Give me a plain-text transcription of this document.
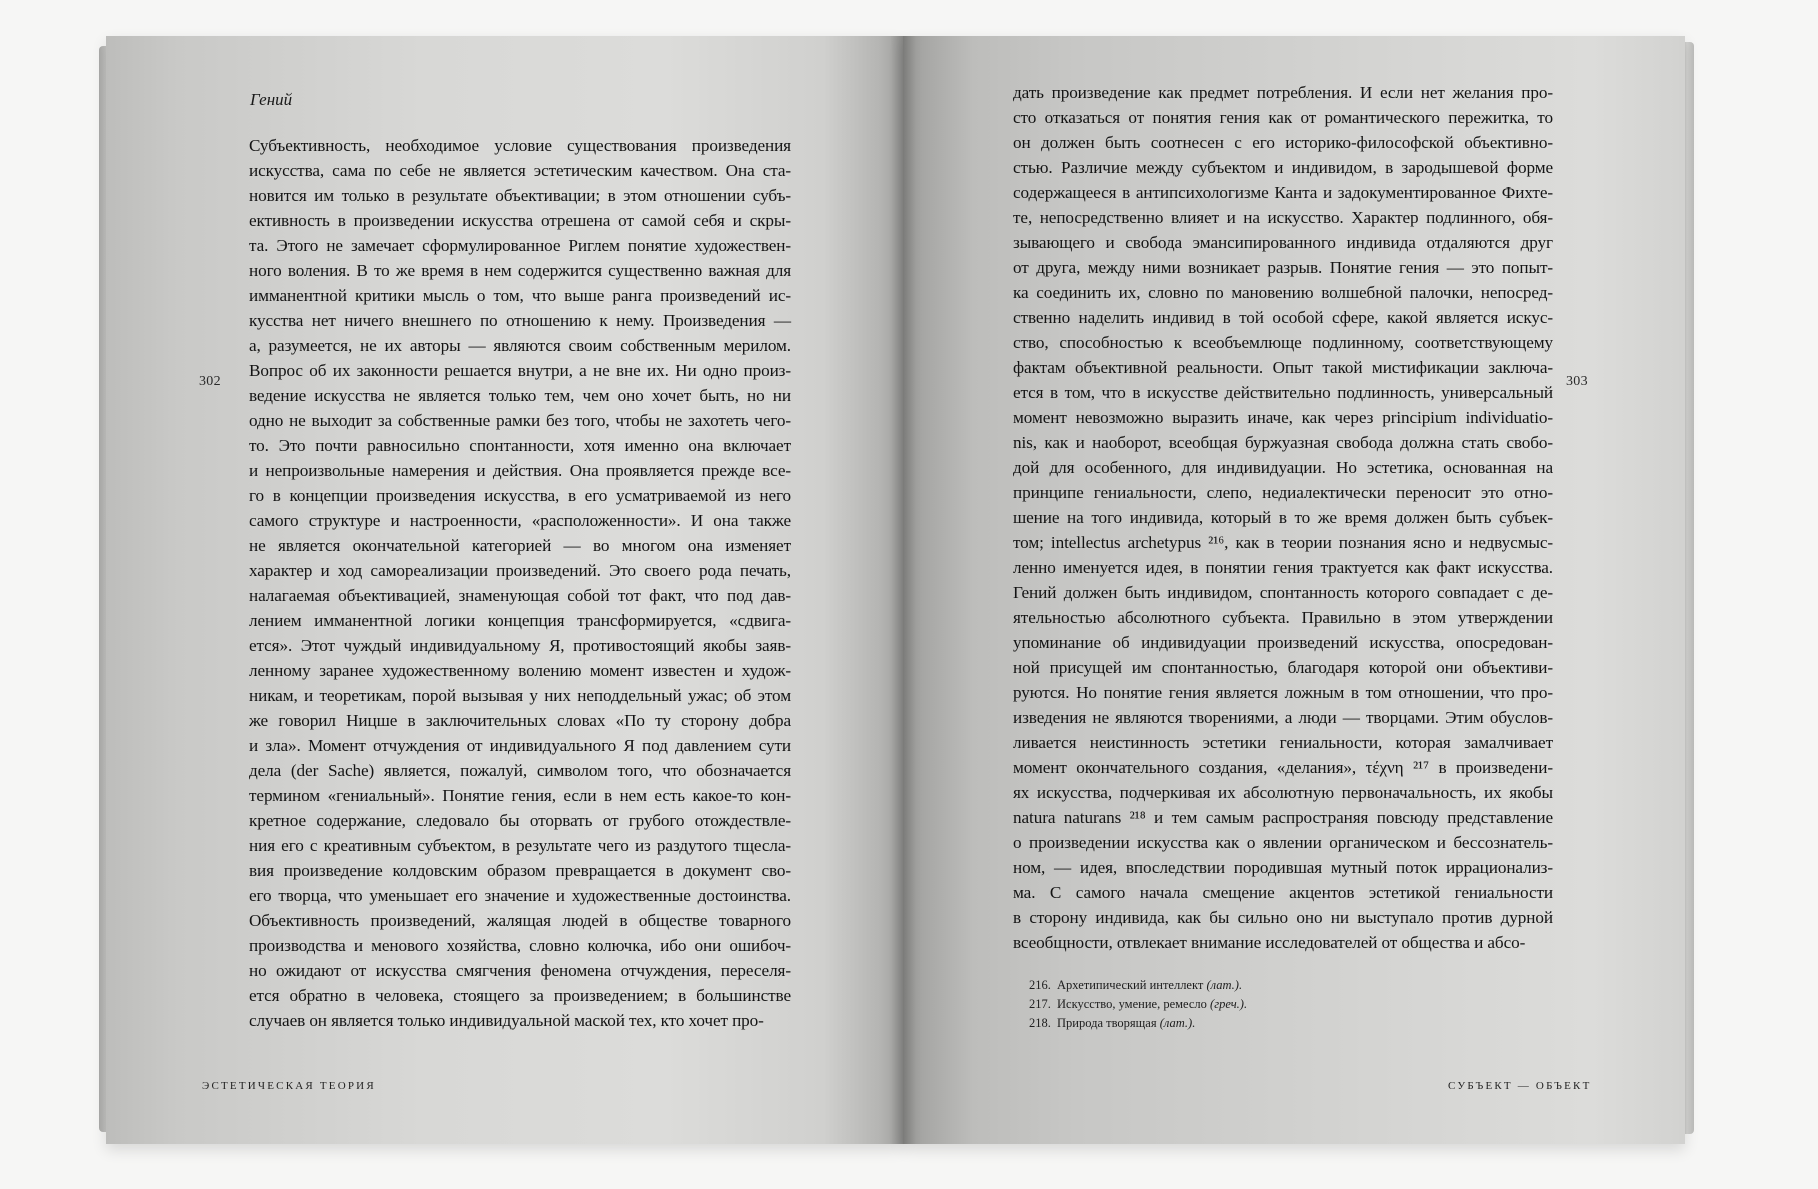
Гений
Субъективность, необходимое условие существования произведения
искусства, сама по себе не является эстетическим качеством. Она ста-
новится им только в результате объективации; в этом отношении субъ-
ективность в произведении искусства отрешена от самой себя и скры-
та. Этого не замечает сформулированное Риглем понятие художествен-
ного воления. В то же время в нем содержится существенно важная для
имманентной критики мысль о том, что выше ранга произведений ис-
кусства нет ничего внешнего по отношению к нему. Произведения —
а, разумеется, не их авторы — являются своим собственным мерилом.
Вопрос об их законности решается внутри, а не вне их. Ни одно произ-
ведение искусства не является только тем, чем оно хочет быть, но ни
одно не выходит за собственные рамки без того, чтобы не захотеть чего-
то. Это почти равносильно спонтанности, хотя именно она включает
и непроизвольные намерения и действия. Она проявляется прежде все-
го в концепции произведения искусства, в его усматриваемой из него
самого структуре и настроенности, «расположенности». И она также
не является окончательной категорией — во многом она изменяет
характер и ход самореализации произведений. Это своего рода печать,
налагаемая объективацией, знаменующая собой тот факт, что под дав-
лением имманентной логики концепция трансформируется, «сдвига-
ется». Этот чуждый индивидуальному Я, противостоящий якобы заяв-
ленному заранее художественному волению момент известен и худож-
никам, и теоретикам, порой вызывая у них неподдельный ужас; об этом
же говорил Ницше в заключительных словах «По ту сторону добра
и зла». Момент отчуждения от индивидуального Я под давлением сути
дела (der Sache) является, пожалуй, символом того, что обозначается
термином «гениальный». Понятие гения, если в нем есть какое-то кон-
кретное содержание, следовало бы оторвать от грубого отождествле-
ния его с креативным субъектом, в результате чего из раздутого тщесла-
вия произведение колдовским образом превращается в документ сво-
его творца, что уменьшает его значение и художественные достоинства.
Объективность произведений, жалящая людей в обществе товарного
производства и менового хозяйства, словно колючка, ибо они ошибоч-
но ожидают от искусства смягчения феномена отчуждения, переселя-
ется обратно в человека, стоящего за произведением; в большинстве
случаев он является только индивидуальной маской тех, кто хочет про-
302
ЭСТЕТИЧЕСКАЯ ТЕОРИЯ
дать произведение как предмет потребления. И если нет желания про-
сто отказаться от понятия гения как от романтического пережитка, то
он должен быть соотнесен с его историко-философской объективно-
стью. Различие между субъектом и индивидом, в зародышевой форме
содержащееся в антипсихологизме Канта и задокументированное Фихте-
те, непосредственно влияет и на искусство. Характер подлинного, обя-
зывающего и свобода эмансипированного индивида отдаляются друг
от друга, между ними возникает разрыв. Понятие гения — это попыт-
ка соединить их, словно по мановению волшебной палочки, непосред-
ственно наделить индивид в той особой сфере, какой является искус-
ство, способностью к всеобъемлюще подлинному, соответствующему
фактам объективной реальности. Опыт такой мистификации заключа-
ется в том, что в искусстве действительно подлинность, универсальный
момент невозможно выразить иначе, как через principium individuatio-
nis, как и наоборот, всеобщая буржуазная свобода должна стать свобо-
дой для особенного, для индивидуации. Но эстетика, основанная на
принципе гениальности, слепо, недиалектически переносит это отно-
шение на того индивида, который в то же время должен быть субъек-
том; intellectus archetypus ²¹⁶, как в теории познания ясно и недвусмыс-
ленно именуется идея, в понятии гения трактуется как факт искусства.
Гений должен быть индивидом, спонтанность которого совпадает с де-
ятельностью абсолютного субъекта. Правильно в этом утверждении
упоминание об индивидуации произведений искусства, опосредован-
ной присущей им спонтанностью, благодаря которой они объективи-
руются. Но понятие гения является ложным в том отношении, что про-
изведения не являются творениями, а люди — творцами. Этим обуслов-
ливается неистинность эстетики гениальности, которая замалчивает
момент окончательного создания, «делания», τέχνη ²¹⁷ в произведени-
ях искусства, подчеркивая их абсолютную первоначальность, их якобы
natura naturans ²¹⁸ и тем самым распространяя повсюду представление
о произведении искусства как о явлении органическом и бессознатель-
ном, — идея, впоследствии породившая мутный поток иррационализ-
ма. С самого начала смещение акцентов эстетикой гениальности
в сторону индивида, как бы сильно оно ни выступало против дурной
всеобщности, отвлекает внимание исследователей от общества и абсо-
216. Архетипический интеллект (лат.).
217. Искусство, умение, ремесло (греч.).
218. Природа творящая (лат.).
303
СУБЪЕКТ — ОБЪЕКТ
